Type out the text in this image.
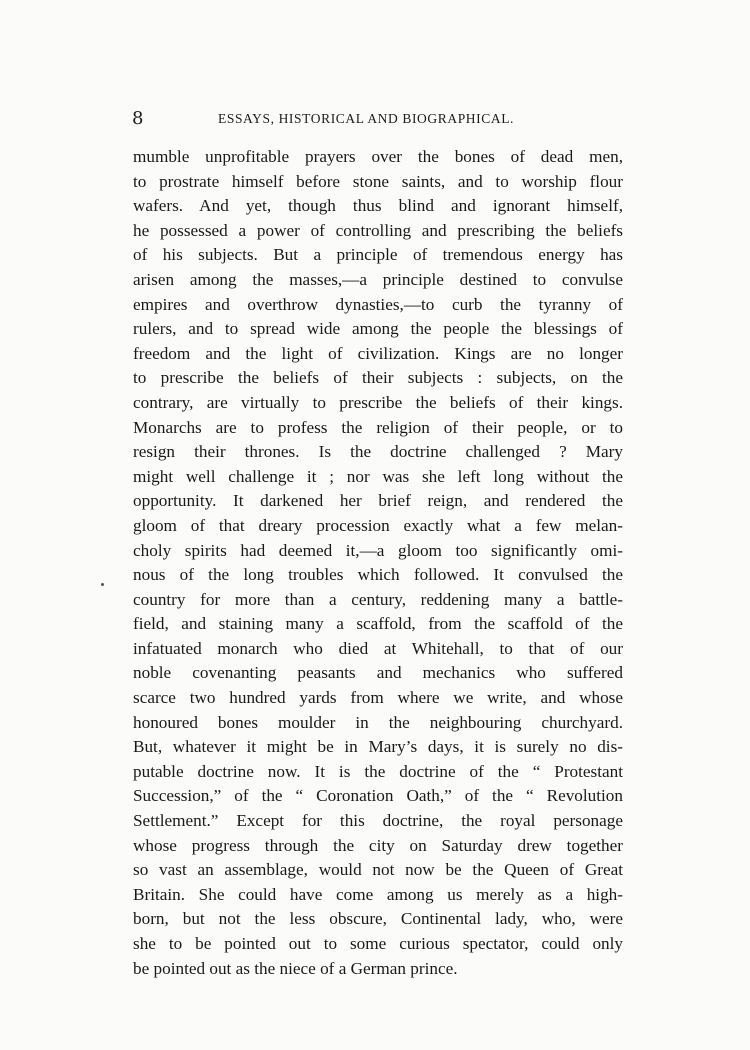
8	ESSAYS, HISTORICAL AND BIOGRAPHICAL.
mumble unprofitable prayers over the bones of dead men,
to prostrate himself before stone saints, and to worship flour
wafers. And yet, though thus blind and ignorant himself,
he possessed a power of controlling and prescribing the beliefs
of his subjects. But a principle of tremendous energy has
arisen among the masses,—a principle destined to convulse
empires and overthrow dynasties,—to curb the tyranny of
rulers, and to spread wide among the people the blessings of
freedom and the light of civilization. Kings are no longer
to prescribe the beliefs of their subjects : subjects, on the
contrary, are virtually to prescribe the beliefs of their kings.
Monarchs are to profess the religion of their people, or to
resign their thrones. Is the doctrine challenged ? Mary
might well challenge it ; nor was she left long without the
opportunity. It darkened her brief reign, and rendered the
gloom of that dreary procession exactly what a few melan-
choly spirits had deemed it,—a gloom too significantly omi-
nous of the long troubles which followed. It convulsed the
country for more than a century, reddening many a battle-
field, and staining many a scaffold, from the scaffold of the
infatuated monarch who died at Whitehall, to that of our
noble covenanting peasants and mechanics who suffered
scarce two hundred yards from where we write, and whose
honoured bones moulder in the neighbouring churchyard.
But, whatever it might be in Mary’s days, it is surely no dis-
putable doctrine now. It is the doctrine of the “ Protestant
Succession,” of the “ Coronation Oath,” of the “ Revolution
Settlement.” Except for this doctrine, the royal personage
whose progress through the city on Saturday drew together
so vast an assemblage, would not now be the Queen of Great
Britain. She could have come among us merely as a high-
born, but not the less obscure, Continental lady, who, were
she to be pointed out to some curious spectator, could only
be pointed out as the niece of a German prince.
